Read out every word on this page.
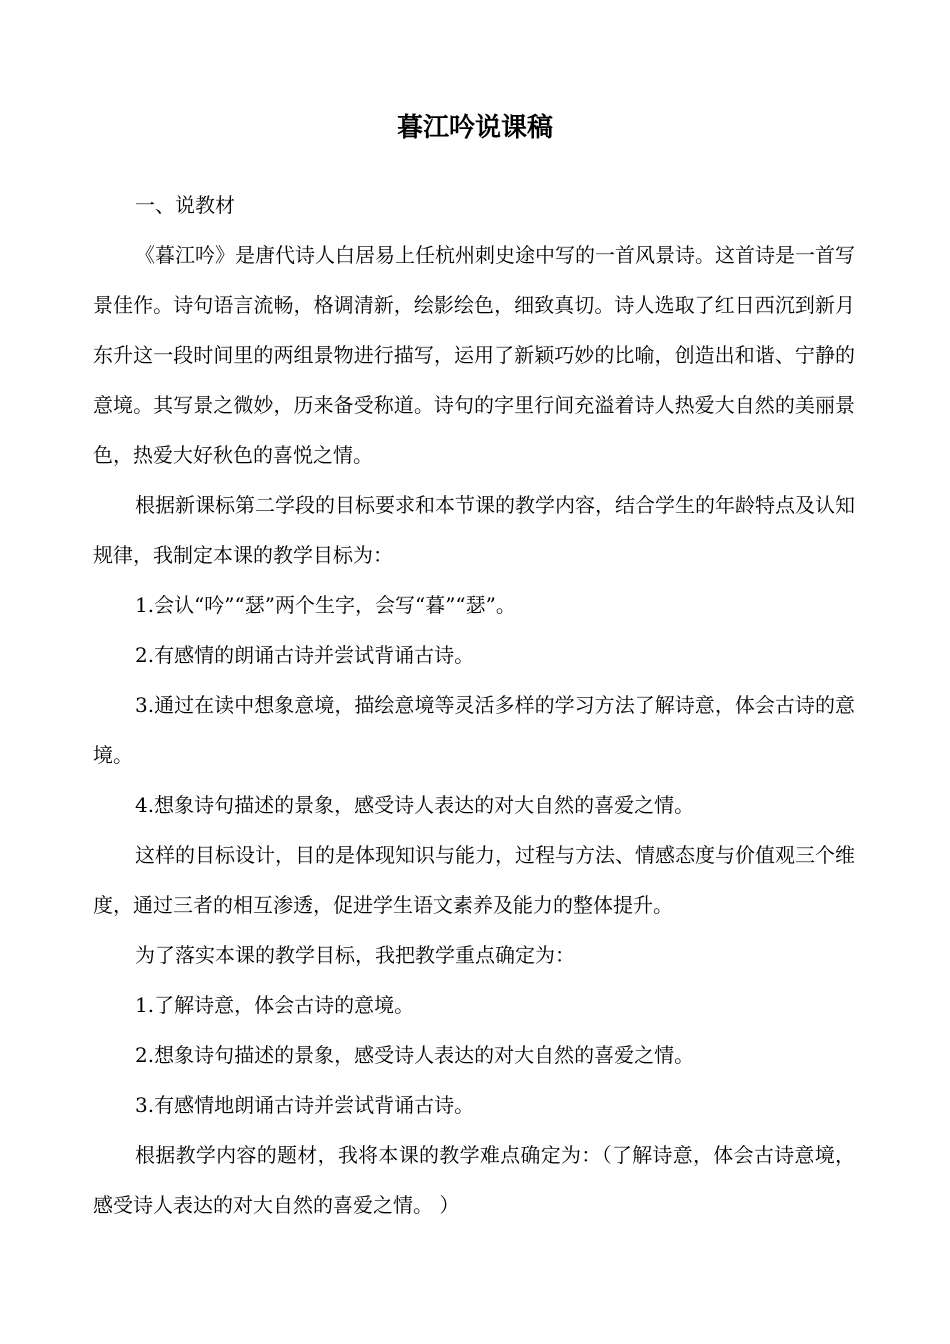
暮江吟说课稿

一、说教材

《暮江吟》是唐代诗人白居易上任杭州刺史途中写的一首风景诗。这首诗是一首写景佳作。诗句语言流畅，格调清新，绘影绘色，细致真切。诗人选取了红日西沉到新月东升这一段时间里的两组景物进行描写，运用了新颖巧妙的比喻，创造出和谐、宁静的意境。其写景之微妙，历来备受称道。诗句的字里行间充溢着诗人热爱大自然的美丽景色，热爱大好秋色的喜悦之情。

根据新课标第二学段的目标要求和本节课的教学内容，结合学生的年龄特点及认知规律，我制定本课的教学目标为：

1.会认“吟”“瑟”两个生字，会写“暮”“瑟”。

2.有感情的朗诵古诗并尝试背诵古诗。

3.通过在读中想象意境，描绘意境等灵活多样的学习方法了解诗意，体会古诗的意境。

4.想象诗句描述的景象，感受诗人表达的对大自然的喜爱之情。

这样的目标设计，目的是体现知识与能力，过程与方法、情感态度与价值观三个维度，通过三者的相互渗透，促进学生语文素养及能力的整体提升。

为了落实本课的教学目标，我把教学重点确定为：

1.了解诗意，体会古诗的意境。

2.想象诗句描述的景象，感受诗人表达的对大自然的喜爱之情。

3.有感情地朗诵古诗并尝试背诵古诗。

根据教学内容的题材，我将本课的教学难点确定为：（了解诗意，体会古诗意境，感受诗人表达的对大自然的喜爱之情。 ）
